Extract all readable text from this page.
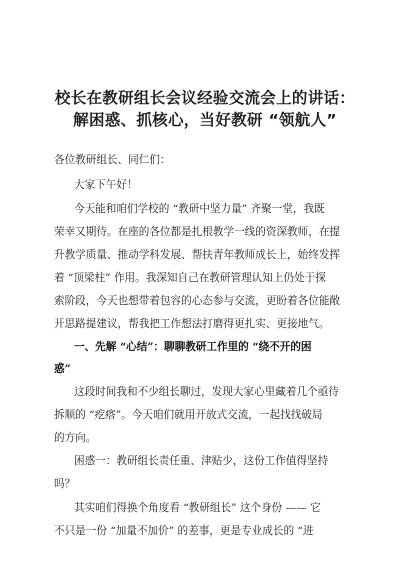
校长在教研组长会议经验交流会上的讲话：
解困惑、抓核心，当好教研 “领航人”
各位教研组长、同仁们：
大家下午好！
今天能和咱们学校的 “教研中坚力量” 齐聚一堂，我既
荣幸又期待。在座的各位都是扎根教学一线的资深教师，在提
升教学质量、推动学科发展、帮扶青年教师成长上，始终发挥
着 “顶梁柱” 作用。我深知自己在教研管理认知上仍处于探
索阶段，今天也想带着包容的心态参与交流，更盼着各位能敞
开思路提建议，帮我把工作想法打磨得更扎实、更接地气。
一、先解 “心结”：聊聊教研工作里的 “绕不开的困
惑”
这段时间我和不少组长聊过，发现大家心里藏着几个亟待
拆顺的 “疙瘩”。今天咱们就用开放式交流，一起找找破局
的方向。
困惑一：教研组长责任重、津贴少，这份工作值得坚持
吗？
其实咱们得换个角度看 “教研组长” 这个身份 —— 它
不只是一份 “加量不加价” 的差事，更是专业成长的 “进
